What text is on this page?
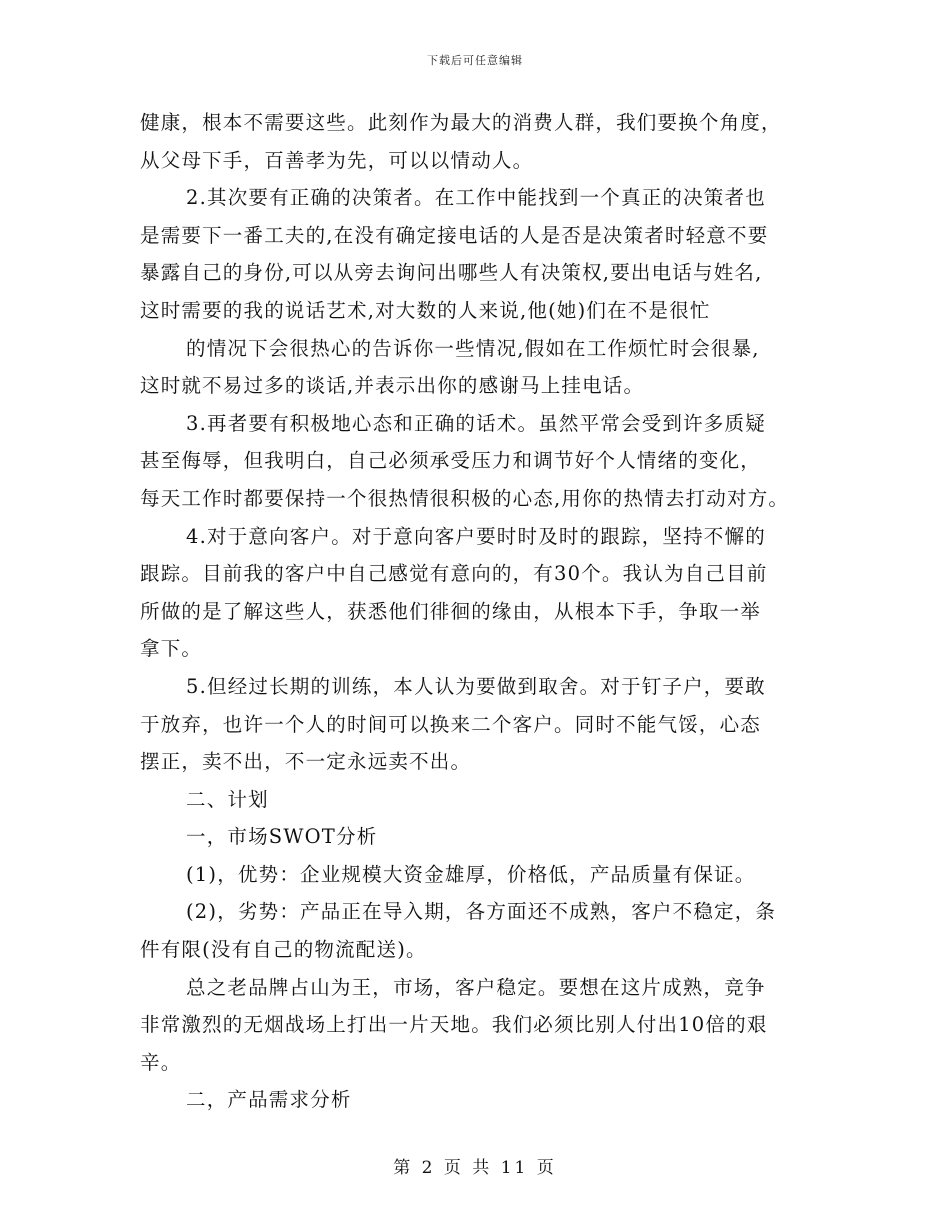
下载后可任意编辑
健康，根本不需要这些。此刻作为最大的消费人群，我们要换个角度，
从父母下手，百善孝为先，可以以情动人。
2.其次要有正确的决策者。在工作中能找到一个真正的决策者也
是需要下一番工夫的,在没有确定接电话的人是否是决策者时轻意不要
暴露自己的身份,可以从旁去询问出哪些人有决策权,要出电话与姓名,
这时需要的我的说话艺术,对大数的人来说,他(她)们在不是很忙
的情况下会很热心的告诉你一些情况,假如在工作烦忙时会很暴,
这时就不易过多的谈话,并表示出你的感谢马上挂电话。
3.再者要有积极地心态和正确的话术。虽然平常会受到许多质疑
甚至侮辱，但我明白，自己必须承受压力和调节好个人情绪的变化，
每天工作时都要保持一个很热情很积极的心态,用你的热情去打动对方。
4.对于意向客户。对于意向客户要时时及时的跟踪，坚持不懈的
跟踪。目前我的客户中自己感觉有意向的，有30个。我认为自己目前
所做的是了解这些人，获悉他们徘徊的缘由，从根本下手，争取一举
拿下。
5.但经过长期的训练，本人认为要做到取舍。对于钉子户，要敢
于放弃，也许一个人的时间可以换来二个客户。同时不能气馁，心态
摆正，卖不出，不一定永远卖不出。
二、计划
一，市场SWOT分析
(1)，优势：企业规模大资金雄厚，价格低，产品质量有保证。
(2)，劣势：产品正在导入期，各方面还不成熟，客户不稳定，条
件有限(没有自己的物流配送)。
总之老品牌占山为王，市场，客户稳定。要想在这片成熟，竞争
非常激烈的无烟战场上打出一片天地。我们必须比别人付出10倍的艰
辛。
二，产品需求分析
第 2 页 共 11 页
